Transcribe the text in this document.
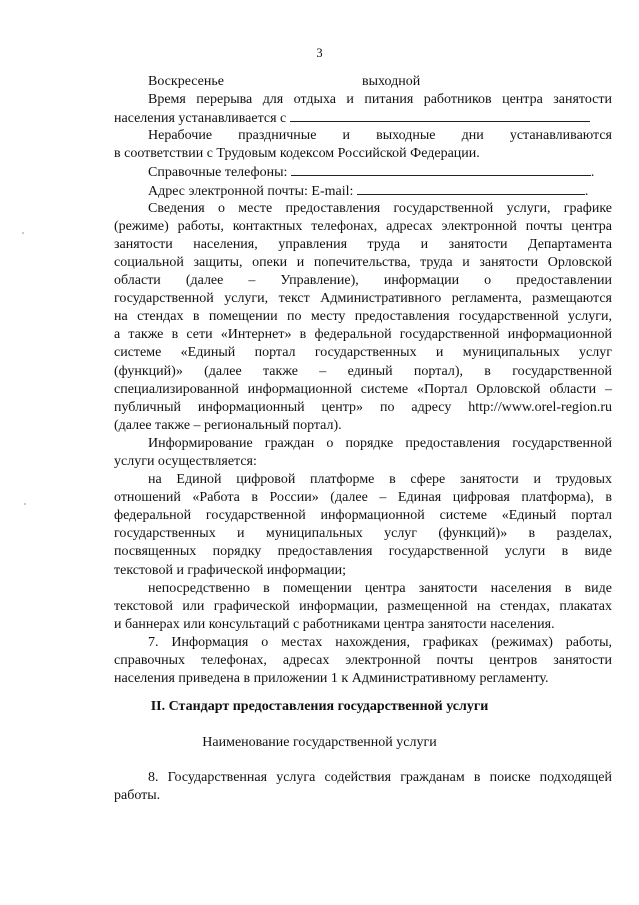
3
Воскресенье	выходной
Время перерыва для отдыха и питания работников центра занятости
населения устанавливается с
Нерабочие праздничные и выходные дни устанавливаются
в соответствии с Трудовым кодексом Российской Федерации.
Справочные телефоны:	.
Адрес электронной почты: E-mail:	.
Сведения о месте предоставления государственной услуги, графике
(режиме) работы, контактных телефонах, адресах электронной почты центра
занятости населения, управления труда и занятости Департамента
социальной защиты, опеки и попечительства, труда и занятости Орловской
области (далее – Управление), информации о предоставлении
государственной услуги, текст Административного регламента, размещаются
на стендах в помещении по месту предоставления государственной услуги,
а также в сети «Интернет» в федеральной государственной информационной
системе «Единый портал государственных и муниципальных услуг
(функций)» (далее также – единый портал), в государственной
специализированной информационной системе «Портал Орловской области –
публичный информационный центр» по адресу http://www.orel-region.ru
(далее также – региональный портал).
Информирование граждан о порядке предоставления государственной
услуги осуществляется:
на Единой цифровой платформе в сфере занятости и трудовых
отношений «Работа в России» (далее – Единая цифровая платформа), в
федеральной государственной информационной системе «Единый портал
государственных и муниципальных услуг (функций)» в разделах,
посвященных порядку предоставления государственной услуги в виде
текстовой и графической информации;
непосредственно в помещении центра занятости населения в виде
текстовой или графической информации, размещенной на стендах, плакатах
и баннерах или консультаций с работниками центра занятости населения.
7. Информация о местах нахождения, графиках (режимах) работы,
справочных телефонах, адресах электронной почты центров занятости
населения приведена в приложении 1 к Административному регламенту.
II. Стандарт предоставления государственной услуги
Наименование государственной услуги
8. Государственная услуга содействия гражданам в поиске подходящей
работы.
